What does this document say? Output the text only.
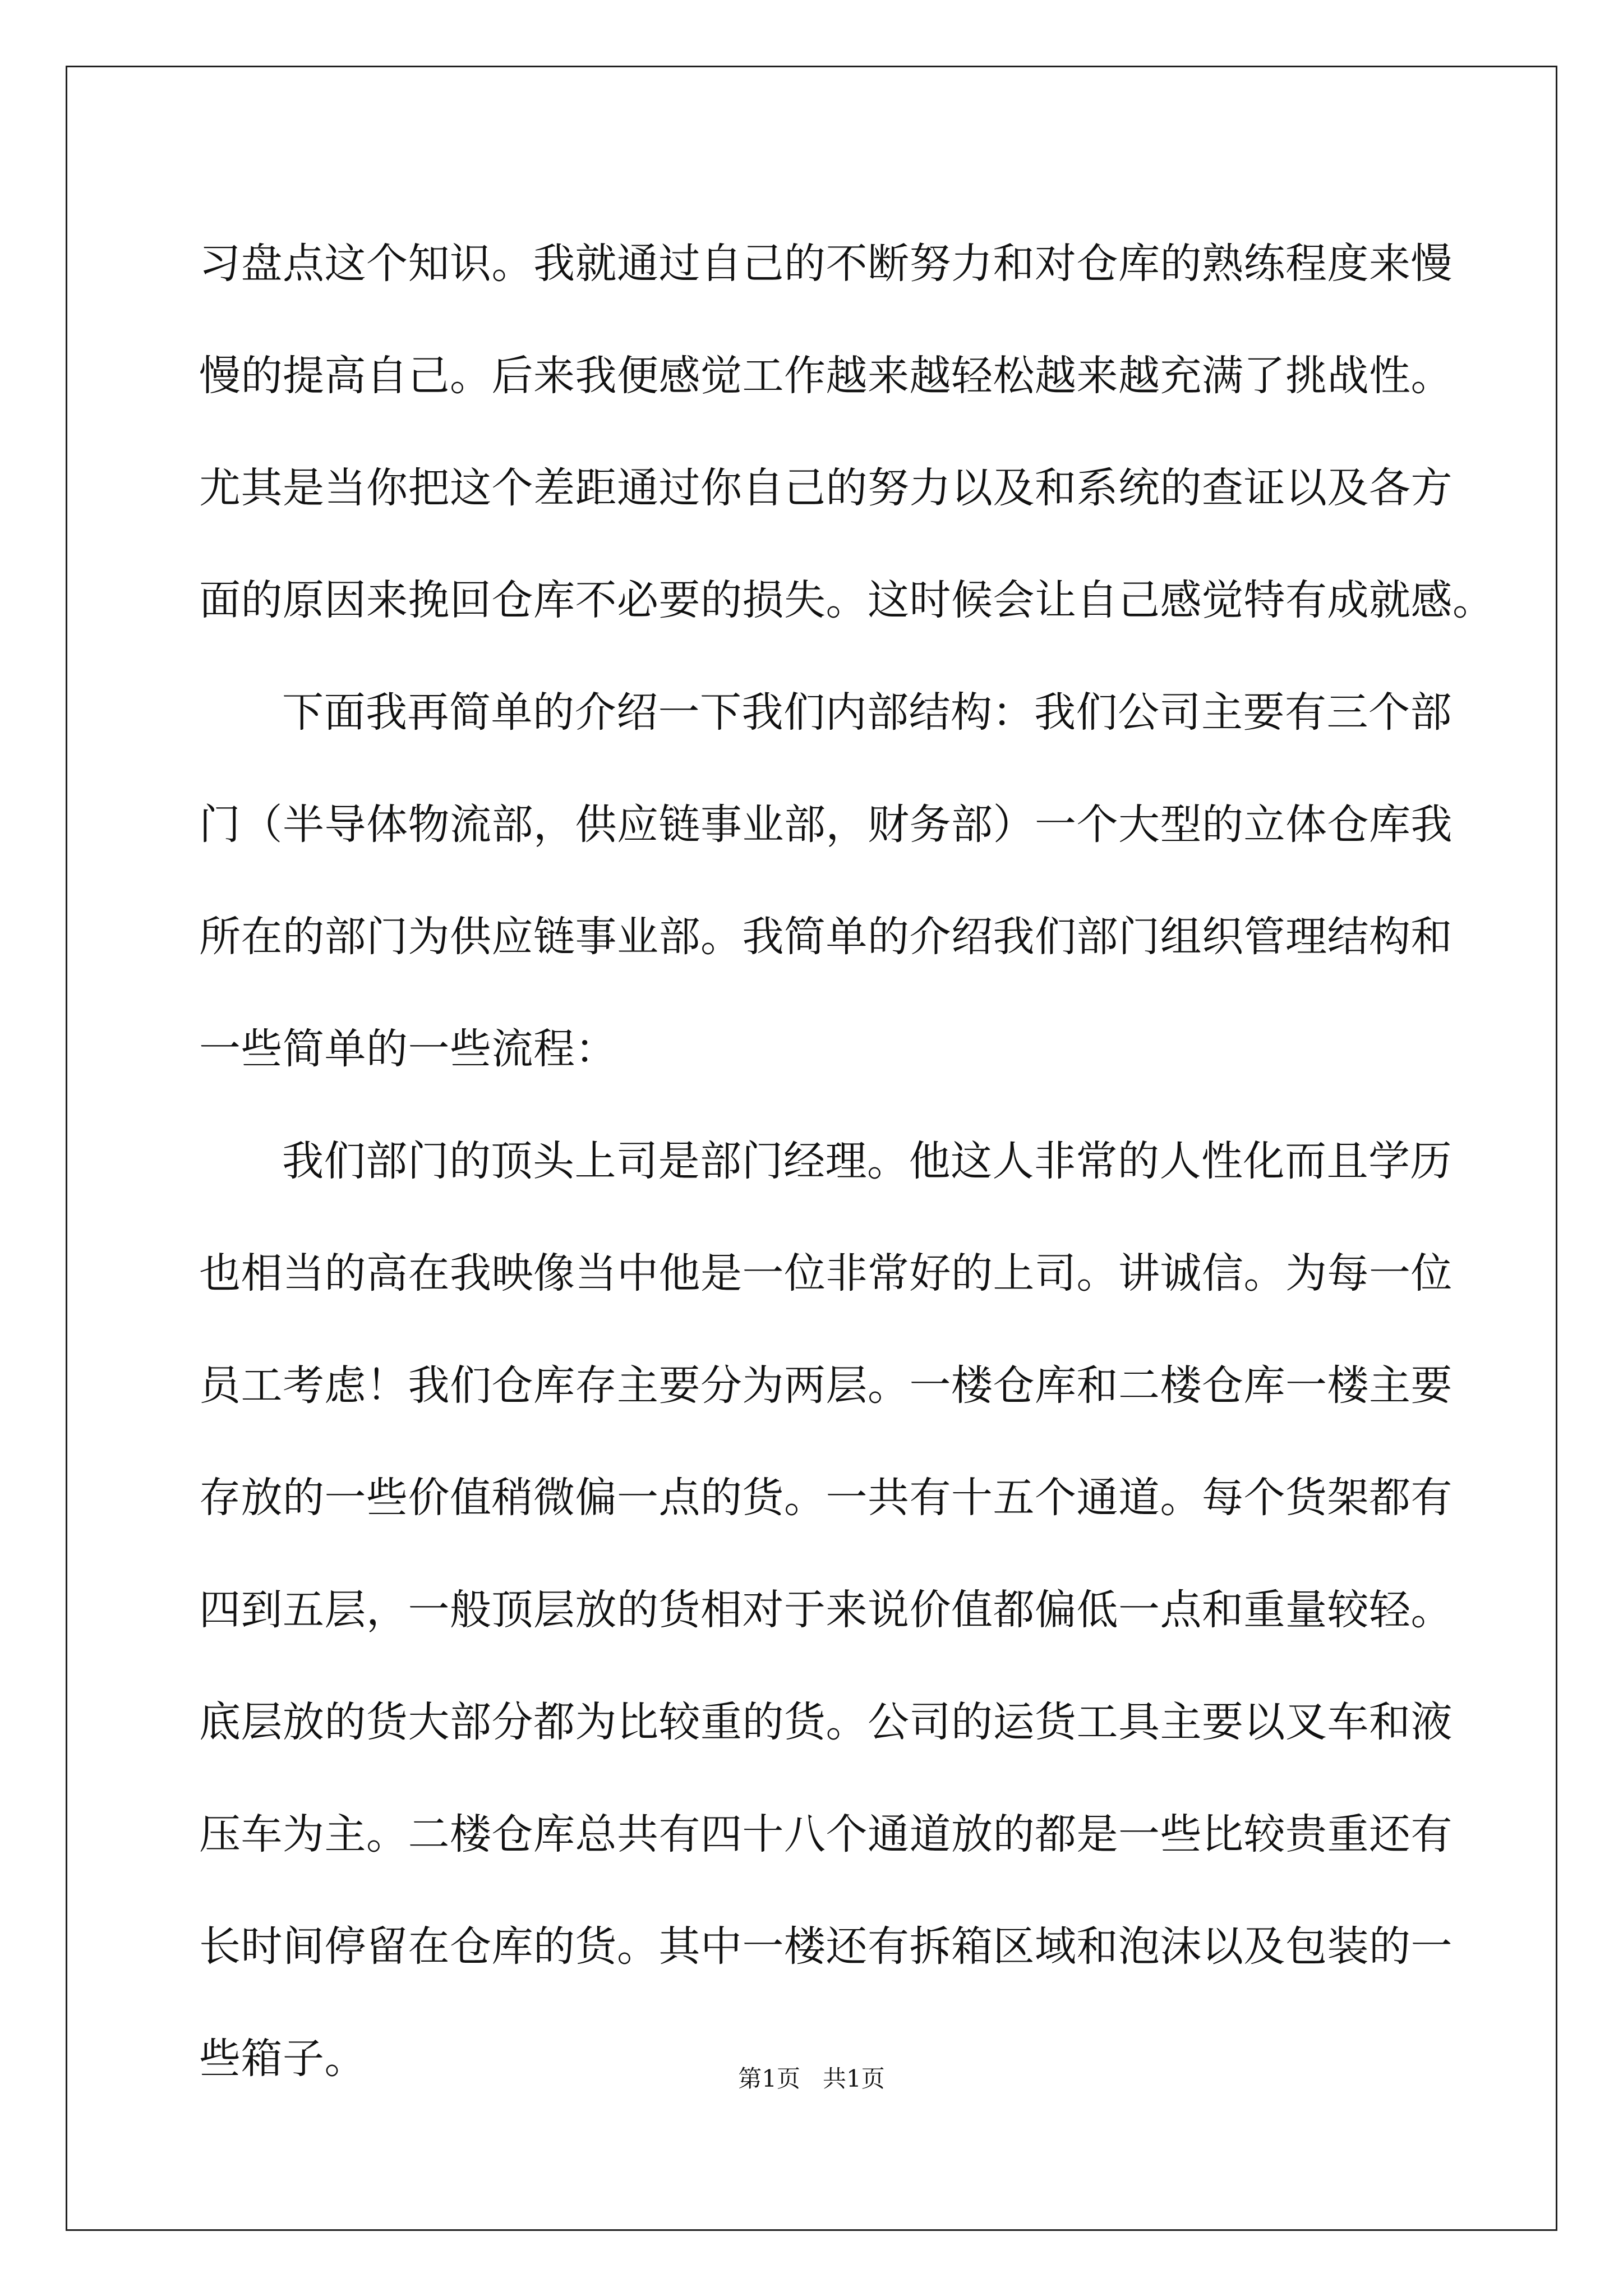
习盘点这个知识。我就通过自己的不断努力和对仓库的熟练程度来慢
慢的提高自己。后来我便感觉工作越来越轻松越来越充满了挑战性。
尤其是当你把这个差距通过你自己的努力以及和系统的查证以及各方
面的原因来挽回仓库不必要的损失。这时候会让自己感觉特有成就感。
下面我再简单的介绍一下我们内部结构：我们公司主要有三个部
门（半导体物流部，供应链事业部，财务部）一个大型的立体仓库我
所在的部门为供应链事业部。我简单的介绍我们部门组织管理结构和
一些简单的一些流程：
我们部门的顶头上司是部门经理。他这人非常的人性化而且学历
也相当的高在我映像当中他是一位非常好的上司。讲诚信。为每一位
员工考虑！我们仓库存主要分为两层。一楼仓库和二楼仓库一楼主要
存放的一些价值稍微偏一点的货。一共有十五个通道。每个货架都有
四到五层，一般顶层放的货相对于来说价值都偏低一点和重量较轻。
底层放的货大部分都为比较重的货。公司的运货工具主要以叉车和液
压车为主。二楼仓库总共有四十八个通道放的都是一些比较贵重还有
长时间停留在仓库的货。其中一楼还有拆箱区域和泡沫以及包装的一
些箱子。	第1页 共1页
